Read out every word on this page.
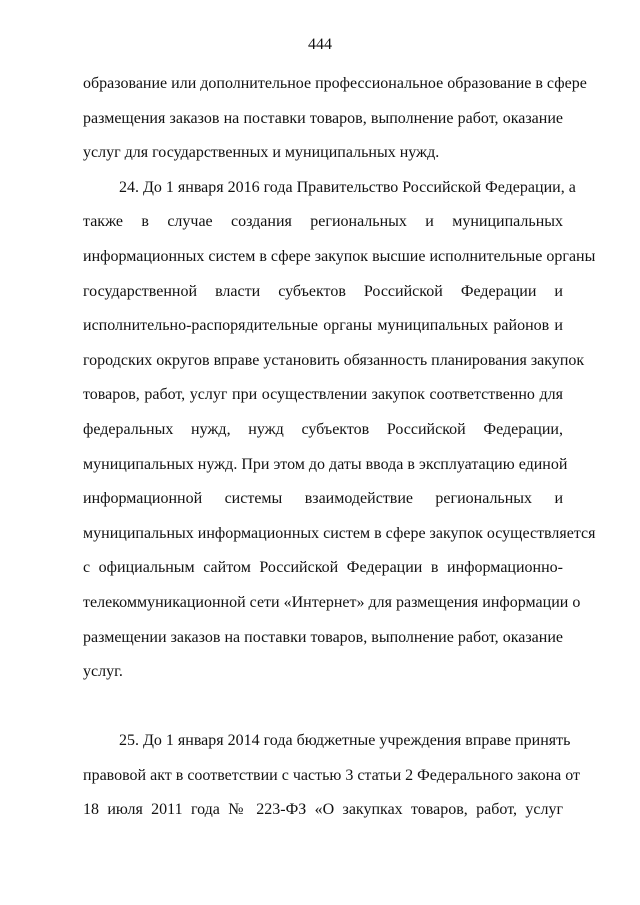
444
образование или дополнительное профессиональное образование в сфере
размещения заказов на поставки товаров, выполнение работ, оказание
услуг для государственных и муниципальных нужд.
24. До 1 января 2016 года Правительство Российской Федерации, а
также в случае создания региональных и муниципальных
информационных систем в сфере закупок высшие исполнительные органы
государственной власти субъектов Российской Федерации и
исполнительно-распорядительные органы муниципальных районов и
городских округов вправе установить обязанность планирования закупок
товаров, работ, услуг при осуществлении закупок соответственно для
федеральных нужд, нужд субъектов Российской Федерации,
муниципальных нужд. При этом до даты ввода в эксплуатацию единой
информационной системы взаимодействие региональных и
муниципальных информационных систем в сфере закупок осуществляется
с официальным сайтом Российской Федерации в информационно-
телекоммуникационной сети «Интернет» для размещения информации о
размещении заказов на поставки товаров, выполнение работ, оказание
услуг.
25. До 1 января 2014 года бюджетные учреждения вправе принять
правовой акт в соответствии с частью 3 статьи 2 Федерального закона от
18 июля 2011 года № 223-ФЗ «О закупках товаров, работ, услуг
